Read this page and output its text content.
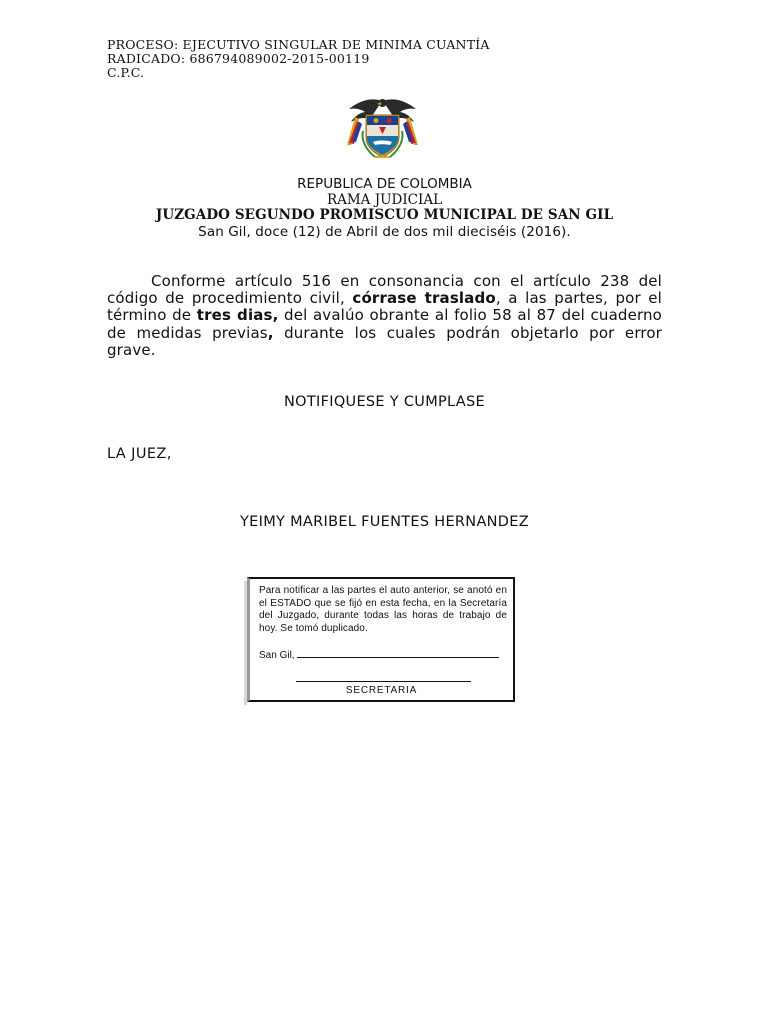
PROCESO: EJECUTIVO SINGULAR DE MINIMA CUANTÍA
RADICADO: 686794089002-2015-00119
C.P.C.
REPUBLICA DE COLOMBIA
RAMA JUDICIAL
JUZGADO SEGUNDO PROMISCUO MUNICIPAL DE SAN GIL
San Gil, doce (12) de Abril de dos mil dieciséis (2016).
Conforme artículo 516 en consonancia con el artículo 238 del código de procedimiento civil, córrase traslado, a las partes, por el término de tres dias, del avalúo obrante al folio 58 al 87 del cuaderno de medidas previas, durante los cuales podrán objetarlo por error grave.
NOTIFIQUESE Y CUMPLASE
LA JUEZ,
YEIMY MARIBEL FUENTES HERNANDEZ
Para notificar a las partes el auto anterior, se anotó en el ESTADO que se fijó en esta fecha, en la Secretaría del Juzgado, durante todas las horas de trabajo de hoy. Se tomó duplicado.
San Gil,
SECRETARIA
